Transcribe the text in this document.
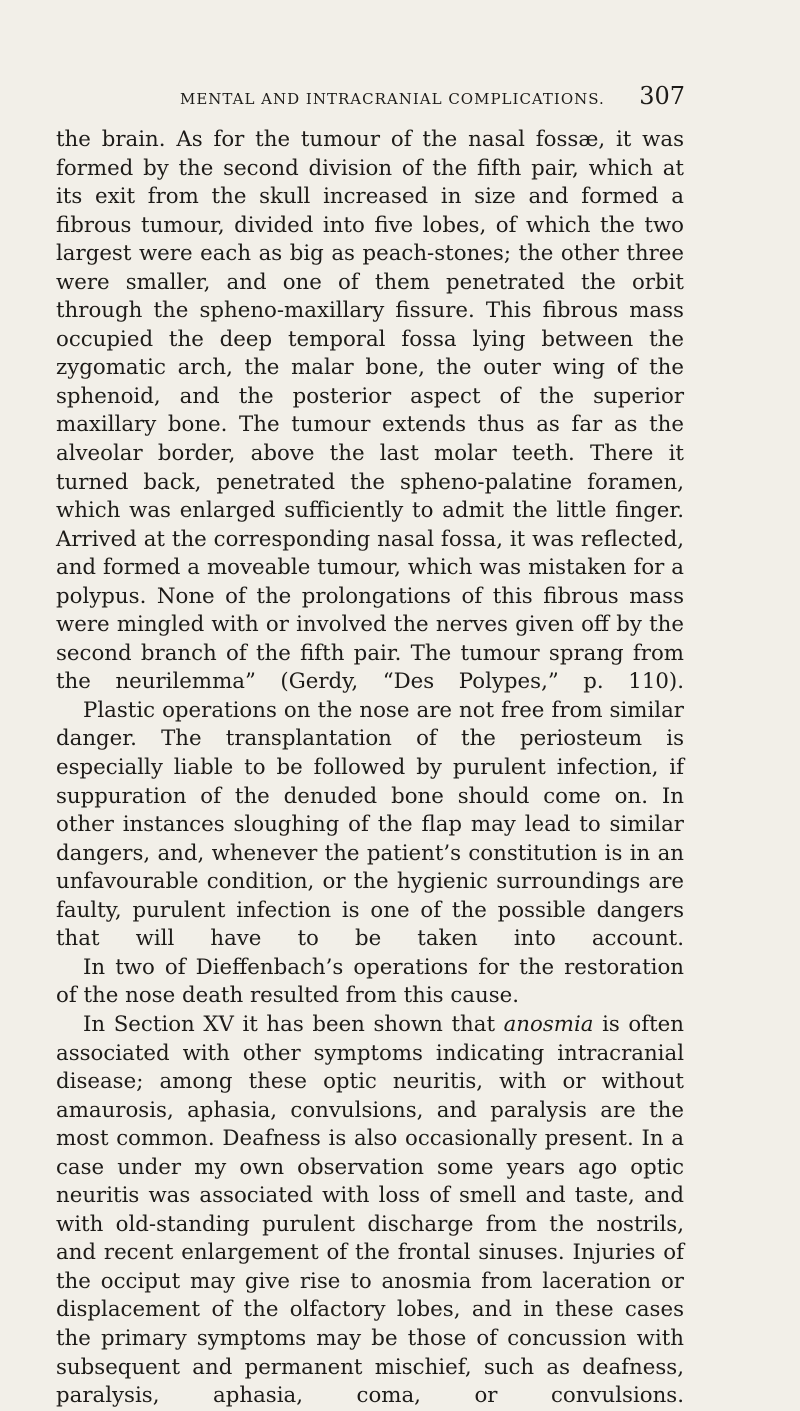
MENTAL AND INTRACRANIAL COMPLICATIONS. 307

the brain. As for the tumour of the nasal fossæ, it was formed by the second division of the fifth pair, which at its exit from the skull increased in size and formed a fibrous tumour, divided into five lobes, of which the two largest were each as big as peach-stones; the other three were smaller, and one of them penetrated the orbit through the spheno-maxillary fissure. This fibrous mass occupied the deep temporal fossa lying between the zygomatic arch, the malar bone, the outer wing of the sphenoid, and the posterior aspect of the superior maxillary bone. The tumour extends thus as far as the alveolar border, above the last molar teeth. There it turned back, penetrated the spheno-palatine foramen, which was enlarged sufficiently to admit the little finger. Arrived at the corresponding nasal fossa, it was reflected, and formed a moveable tumour, which was mistaken for a polypus. None of the prolongations of this fibrous mass were mingled with or involved the nerves given off by the second branch of the fifth pair. The tumour sprang from the neurilemma” (Gerdy, “Des Polypes,” p. 110).

Plastic operations on the nose are not free from similar danger. The transplantation of the periosteum is especially liable to be followed by purulent infection, if suppuration of the denuded bone should come on. In other instances sloughing of the flap may lead to similar dangers, and, whenever the patient’s constitution is in an unfavourable condition, or the hygienic surroundings are faulty, purulent infection is one of the possible dangers that will have to be taken into account.

In two of Dieffenbach’s operations for the restoration of the nose death resulted from this cause.

In Section XV it has been shown that anosmia is often associated with other symptoms indicating intracranial disease; among these optic neuritis, with or without amaurosis, aphasia, convulsions, and paralysis are the most common. Deafness is also occasionally present. In a case under my own observation some years ago optic neuritis was associated with loss of smell and taste, and with old-standing purulent discharge from the nostrils, and recent enlargement of the frontal sinuses. Injuries of the occiput may give rise to anosmia from laceration or displacement of the olfactory lobes, and in these cases the primary symptoms may be those of concussion with subsequent and permanent mischief, such as deafness, paralysis, aphasia, coma, or convulsions.
